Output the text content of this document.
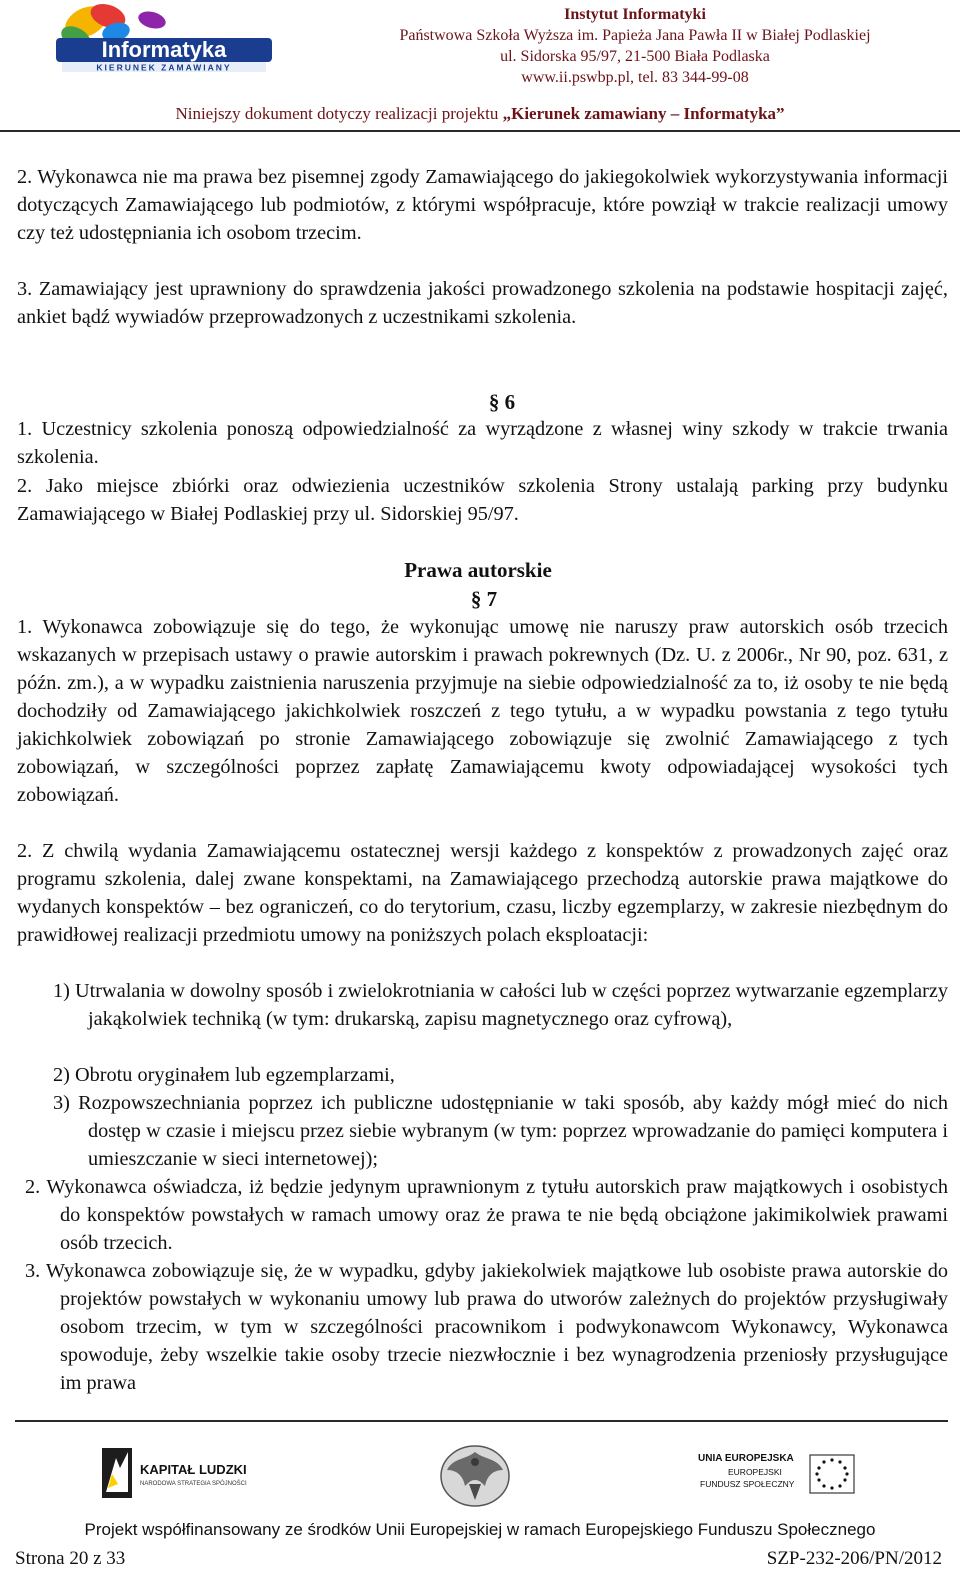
Informatyka
KIERUNEK ZAMAWIANY
Instytut Informatyki
Państwowa Szkoła Wyższa im. Papieża Jana Pawła II w Białej Podlaskiej
ul. Sidorska 95/97, 21-500 Biała Podlaska
www.ii.pswbp.pl, tel. 83 344-99-08
Niniejszy dokument dotyczy realizacji projektu „Kierunek zamawiany – Informatyka”
2. Wykonawca nie ma prawa bez pisemnej zgody Zamawiającego do jakiegokolwiek wykorzystywania informacji dotyczących Zamawiającego lub podmiotów, z którymi współpracuje, które powziął w trakcie realizacji umowy czy też udostępniania ich osobom trzecim.
3. Zamawiający jest uprawniony do sprawdzenia jakości prowadzonego szkolenia na podstawie hospitacji zajęć, ankiet bądź wywiadów przeprowadzonych z uczestnikami szkolenia.
§ 6
1. Uczestnicy szkolenia ponoszą odpowiedzialność za wyrządzone z własnej winy szkody w trakcie trwania szkolenia.
2. Jako miejsce zbiórki oraz odwiezienia uczestników szkolenia Strony ustalają parking przy budynku Zamawiającego w Białej Podlaskiej przy ul. Sidorskiej 95/97.
Prawa autorskie
§ 7
1. Wykonawca zobowiązuje się do tego, że wykonując umowę nie naruszy praw autorskich osób trzecich wskazanych w przepisach ustawy o prawie autorskim i prawach pokrewnych (Dz. U. z 2006r., Nr 90, poz. 631, z późn. zm.), a w wypadku zaistnienia naruszenia przyjmuje na siebie odpowiedzialność za to, iż osoby te nie będą dochodziły od Zamawiającego jakichkolwiek roszczeń z tego tytułu, a w wypadku powstania z tego tytułu jakichkolwiek zobowiązań po stronie Zamawiającego zobowiązuje się zwolnić Zamawiającego z tych zobowiązań, w szczególności poprzez zapłatę Zamawiającemu kwoty odpowiadającej wysokości tych zobowiązań.
2. Z chwilą wydania Zamawiającemu ostatecznej wersji każdego z konspektów z prowadzonych zajęć oraz programu szkolenia, dalej zwane konspektami, na Zamawiającego przechodzą autorskie prawa majątkowe do wydanych konspektów – bez ograniczeń, co do terytorium, czasu, liczby egzemplarzy, w zakresie niezbędnym do prawidłowej realizacji przedmiotu umowy na poniższych polach eksploatacji:
1) Utrwalania w dowolny sposób i zwielokrotniania w całości lub w części poprzez wytwarzanie egzemplarzy jakąkolwiek techniką (w tym: drukarską, zapisu magnetycznego oraz cyfrową),
2) Obrotu oryginałem lub egzemplarzami,
3) Rozpowszechniania poprzez ich publiczne udostępnianie w taki sposób, aby każdy mógł mieć do nich dostęp w czasie i miejscu przez siebie wybranym (w tym: poprzez wprowadzanie do pamięci komputera i umieszczanie w sieci internetowej);
2. Wykonawca oświadcza, iż będzie jedynym uprawnionym z tytułu autorskich praw majątkowych i osobistych do konspektów powstałych w ramach umowy oraz że prawa te nie będą obciążone jakimikolwiek prawami osób trzecich.
3. Wykonawca zobowiązuje się, że w wypadku, gdyby jakiekolwiek majątkowe lub osobiste prawa autorskie do projektów powstałych w wykonaniu umowy lub prawa do utworów zależnych do projektów przysługiwały osobom trzecim, w tym w szczególności pracownikom i podwykonawcom Wykonawcy, Wykonawca spowoduje, żeby wszelkie takie osoby trzecie niezwłocznie i bez wynagrodzenia przeniosły przysługujące im prawa
KAPITAŁ LUDZKI
NARODOWA STRATEGIA SPÓJNOŚCI
UNIA EUROPEJSKA
EUROPEJSKI
FUNDUSZ SPOŁECZNY
Projekt współfinansowany ze środków Unii Europejskiej w ramach Europejskiego Funduszu Społecznego
Strona 20 z 33	SZP-232-206/PN/2012
